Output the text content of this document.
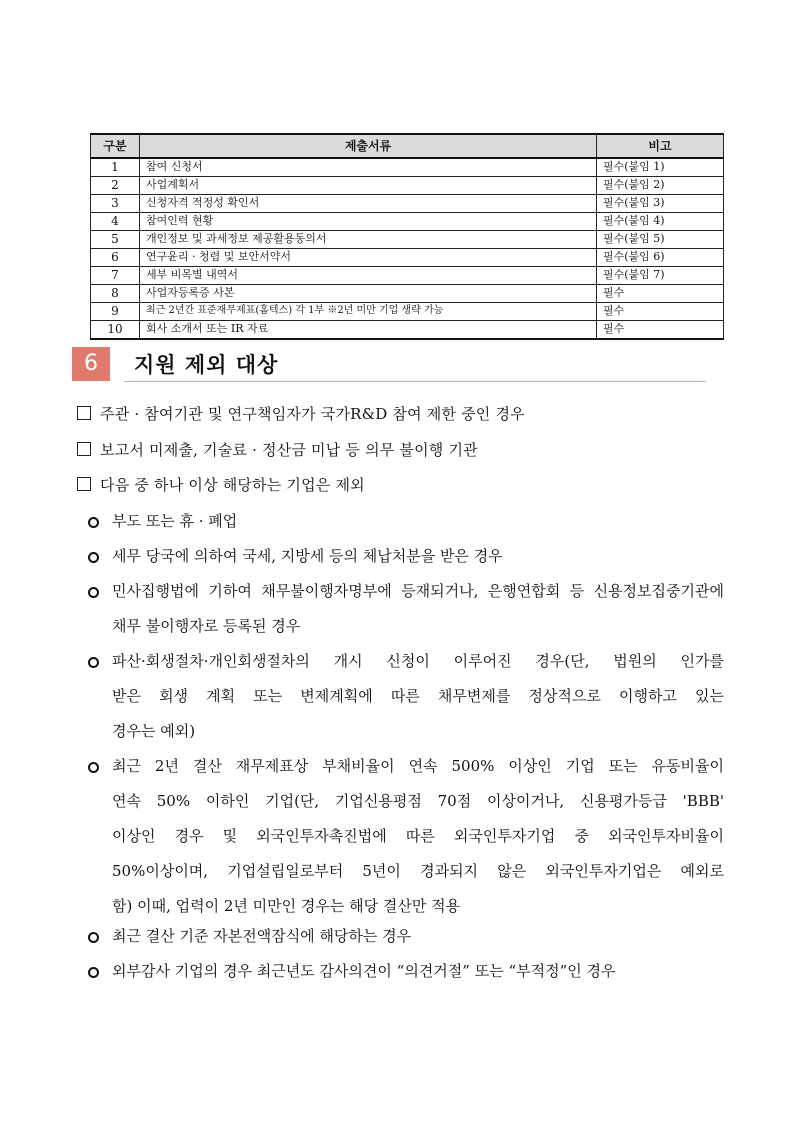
구분	제출서류	비고
1	참여 신청서	필수(붙임 1)
2	사업계획서	필수(붙임 2)
3	신청자격 적정성 확인서	필수(붙임 3)
4	참여인력 현황	필수(붙임 4)
5	개인정보 및 과세정보 제공활용동의서	필수(붙임 5)
6	연구윤리 · 청렴 및 보안서약서	필수(붙임 6)
7	세부 비목별 내역서	필수(붙임 7)
8	사업자등록증 사본	필수
9	최근 2년간 표준재무제표(홈텍스) 각 1부 ※2년 미만 기업 생략 가능	필수
10	회사 소개서 또는 IR 자료	필수
6	지원 제외 대상
주관 · 참여기관 및 연구책임자가 국가R&D 참여 제한 중인 경우
보고서 미제출, 기술료 · 정산금 미납 등 의무 불이행 기관
다음 중 하나 이상 해당하는 기업은 제외
부도 또는 휴 · 폐업
세무 당국에 의하여 국세, 지방세 등의 체납처분을 받은 경우
민사집행법에 기하여 채무불이행자명부에 등재되거나, 은행연합회 등 신용정보집중기관에
채무 불이행자로 등록된 경우
파산·회생절차·개인회생절차의 개시 신청이 이루어진 경우(단, 법원의 인가를
받은 회생 계획 또는 변제계획에 따른 채무변제를 정상적으로 이행하고 있는
경우는 예외)
최근 2년 결산 재무제표상 부채비율이 연속 500% 이상인 기업 또는 유동비율이
연속 50% 이하인 기업(단, 기업신용평점 70점 이상이거나, 신용평가등급 'BBB'
이상인 경우 및 외국인투자촉진법에 따른 외국인투자기업 중 외국인투자비율이
50%이상이며, 기업설립일로부터 5년이 경과되지 않은 외국인투자기업은 예외로
함) 이때, 업력이 2년 미만인 경우는 해당 결산만 적용
최근 결산 기준 자본전액잠식에 해당하는 경우
외부감사 기업의 경우 최근년도 감사의견이 “의견거절” 또는 “부적정”인 경우
